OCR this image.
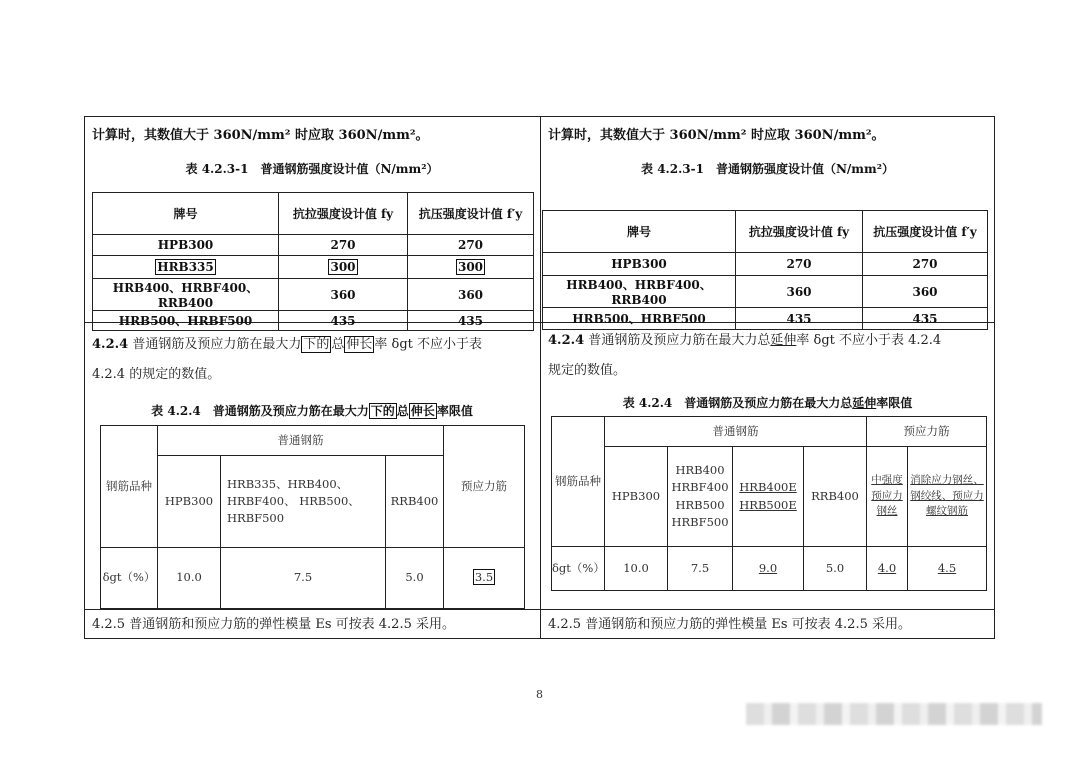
计算时，其数值大于 360N/mm² 时应取 360N/mm²。
表 4.2.3-1　普通钢筋强度设计值（N/mm²）
牌号	抗拉强度设计值 fy	抗压强度设计值 f′y
HPB300	270	270
HRB335	300	300
HRB400、HRBF400、RRB400	360	360
HRB500、HRBF500	435	435
4.2.4 普通钢筋及预应力筋在最大力 下的 总 伸长 率 δgt 不应小于表
4.2.4 的规定的数值。
表 4.2.4　普通钢筋及预应力筋在最大力 下的 总 伸长 率限值
钢筋品种	普通钢筋			预应力筋
	HPB300	HRB335、HRB400、HRBF400、 HRB500、 HRBF500	RRB400	
δgt（%）	10.0	7.5	5.0	3.5
4.2.5 普通钢筋和预应力筋的弹性模量 Es 可按表 4.2.5 采用。
计算时，其数值大于 360N/mm² 时应取 360N/mm²。
表 4.2.3-1　普通钢筋强度设计值（N/mm²）
牌号	抗拉强度设计值 fy	抗压强度设计值 f′y
HPB300	270	270
HRB400、HRBF400、RRB400	360	360
HRB500、HRBF500	435	435
4.2.4 普通钢筋及预应力筋在最大力总延伸率 δgt 不应小于表 4.2.4
规定的数值。
表 4.2.4　普通钢筋及预应力筋在最大力总延伸率限值
钢筋品种	普通钢筋				预应力筋	
	HPB300	HRB400 HRBF400 HRB500 HRBF500	HRB400E HRB500E	RRB400	中强度预应力钢丝	消除应力钢丝、钢绞线、预应力螺纹钢筋
δgt（%）	10.0	7.5	9.0	5.0	4.0	4.5
4.2.5 普通钢筋和预应力筋的弹性模量 Es 可按表 4.2.5 采用。
8
